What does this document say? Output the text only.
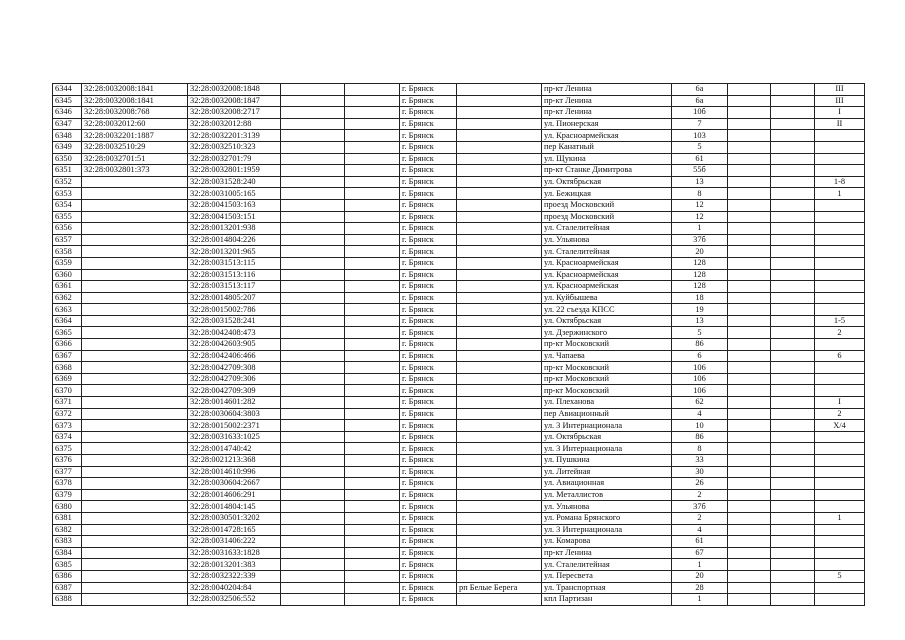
6344	32:28:0032008:1841	32:28:0032008:1848			г. Брянск		пр-кт Ленина	6а			III
6345	32:28:0032008:1841	32:28:0032008:1847			г. Брянск		пр-кт Ленина	6а			III
6346	32:28:0032008:768	32:28:0032008:2717			г. Брянск		пр-кт Ленина	10б			I
6347	32:28:0032012:60	32:28:0032012:88			г. Брянск		ул. Пионерская	7			II
6348	32:28:0032201:1887	32:28:0032201:3139			г. Брянск		ул. Красноармейская	103			
6349	32:28:0032510:29	32:28:0032510:323			г. Брянск		пер Канатный	5			
6350	32:28:0032701:51	32:28:0032701:79			г. Брянск		ул. Щукина	61			
6351	32:28:0032801:373	32:28:0032801:1959			г. Брянск		пр-кт Станке Димитрова	55б			
6352		32:28:0031528:240			г. Брянск		ул. Октябрьская	13			1-8
6353		32:28:0031005:165			г. Брянск		ул. Бежицкая	8			1
6354		32:28:0041503:163			г. Брянск		проезд Московский	12			
6355		32:28:0041503:151			г. Брянск		проезд Московский	12			
6356		32:28:0013201:938			г. Брянск		ул. Сталелитейная	1			
6357		32:28:0014804:226			г. Брянск		ул. Ульянова	37б			
6358		32:28:0013201:965			г. Брянск		ул. Сталелитейная	20			
6359		32:28:0031513:115			г. Брянск		ул. Красноармейская	128			
6360		32:28:0031513:116			г. Брянск		ул. Красноармейская	128			
6361		32:28:0031513:117			г. Брянск		ул. Красноармейская	128			
6362		32:28:0014805:207			г. Брянск		ул. Куйбышева	18			
6363		32:28:0015002:786			г. Брянск		ул. 22 съезда КПСС	19			
6364		32:28:0031528:241			г. Брянск		ул. Октябрьская	13			1-5
6365		32:28:0042408:473			г. Брянск		ул. Дзержинского	5			2
6366		32:28:0042603:905			г. Брянск		пр-кт Московский	86			
6367		32:28:0042406:466			г. Брянск		ул. Чапаева	6			6
6368		32:28:0042709:308			г. Брянск		пр-кт Московский	106			
6369		32:28:0042709:306			г. Брянск		пр-кт Московский	106			
6370		32:28:0042709:309			г. Брянск		пр-кт Московский	106			
6371		32:28:0014601:282			г. Брянск		ул. Плеханова	62			I
6372		32:28:0030604:3803			г. Брянск		пер Авиационный	4			2
6373		32:28:0015002:2371			г. Брянск		ул. 3 Интернационала	10			Х/4
6374		32:28:0031633:1025			г. Брянск		ул. Октябрьская	86			
6375		32:28:0014740:42			г. Брянск		ул. 3 Интернационала	8			
6376		32:28:0021213:368			г. Брянск		ул. Пушкина	33			
6377		32:28:0014610:996			г. Брянск		ул. Литейная	30			
6378		32:28:0030604:2667			г. Брянск		ул. Авиационная	26			
6379		32:28:0014606:291			г. Брянск		ул. Металлистов	2			
6380		32:28:0014804:145			г. Брянск		ул. Ульянова	37б			
6381		32:28:0030501:3202			г. Брянск		ул. Романа Брянского	2			1
6382		32:28:0014728:165			г. Брянск		ул. 3 Интернационала	4			
6383		32:28:0031406:222			г. Брянск		ул. Комарова	61			
6384		32:28:0031633:1828			г. Брянск		пр-кт Ленина	67			
6385		32:28:0013201:383			г. Брянск		ул. Сталелитейная	1			
6386		32:28:0032322:339			г. Брянск		ул. Пересвета	20			5
6387		32:28:0040204:84			г. Брянск	рп Белые Берега	ул. Транспортная	28			
6388		32:28:0032506:552			г. Брянск		кпл Партизан	1			
